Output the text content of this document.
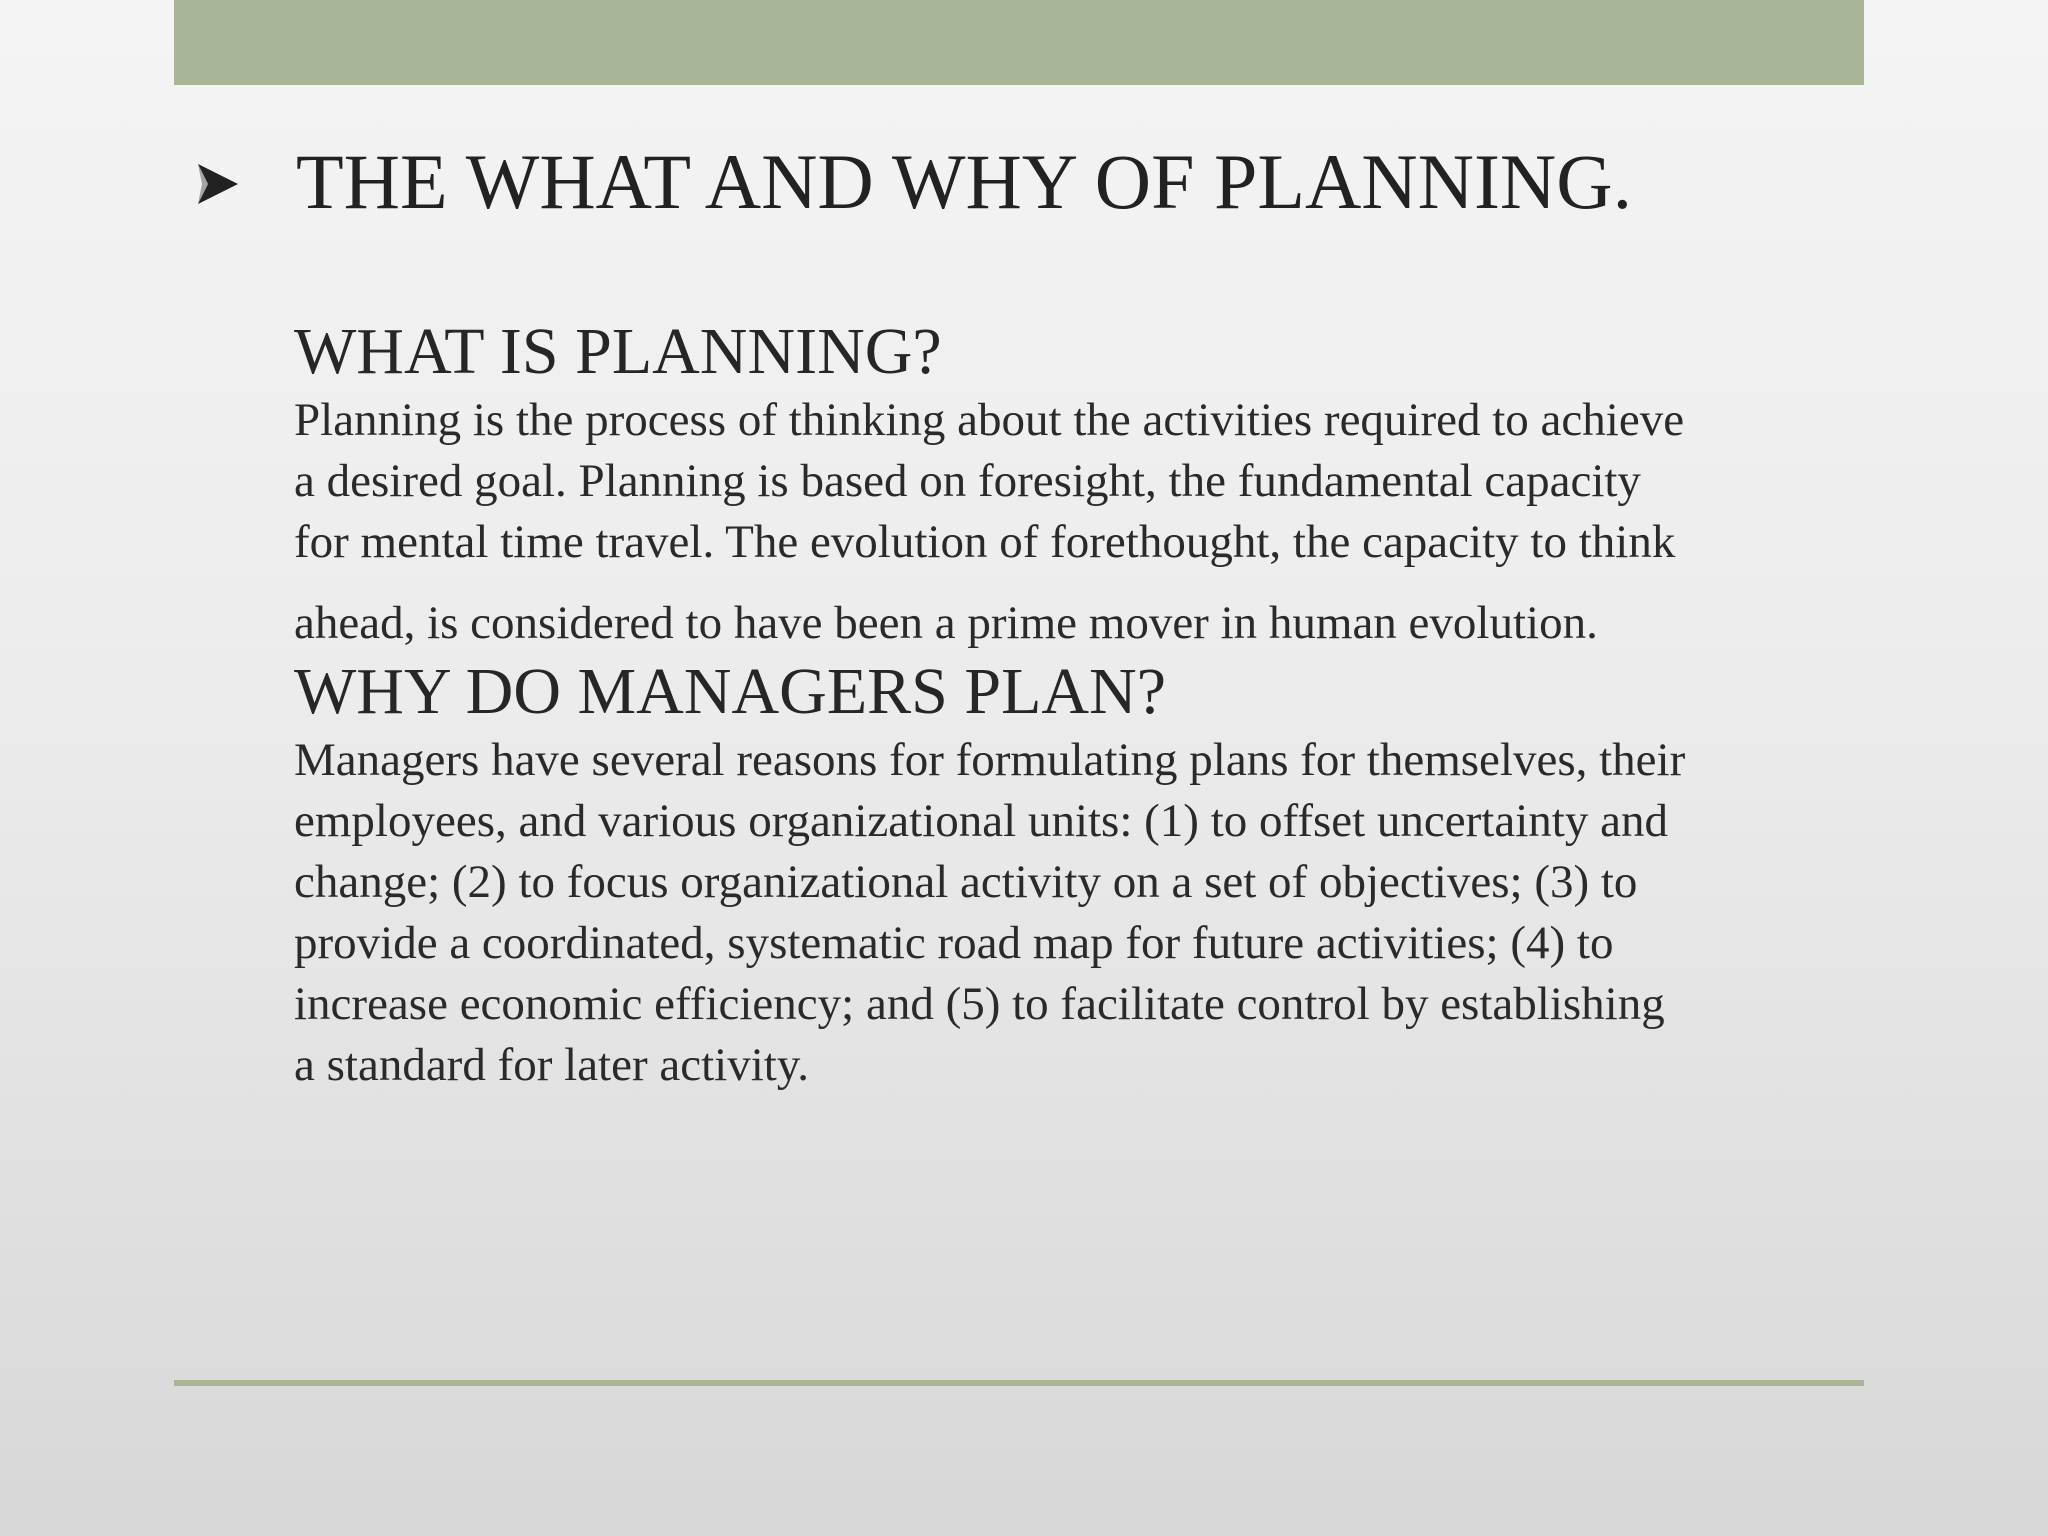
THE WHAT AND WHY OF PLANNING.
WHAT IS PLANNING?

Planning is the process of thinking about the activities required to achieve
a desired goal. Planning is based on foresight, the fundamental capacity
for mental time travel. The evolution of forethought, the capacity to think
ahead, is considered to have been a prime mover in human evolution.

WHY DO MANAGERS PLAN?

Managers have several reasons for formulating plans for themselves, their
employees, and various organizational units: (1) to offset uncertainty and
change; (2) to focus organizational activity on a set of objectives; (3) to
provide a coordinated, systematic road map for future activities; (4) to
increase economic efficiency; and (5) to facilitate control by establishing
a standard for later activity.
